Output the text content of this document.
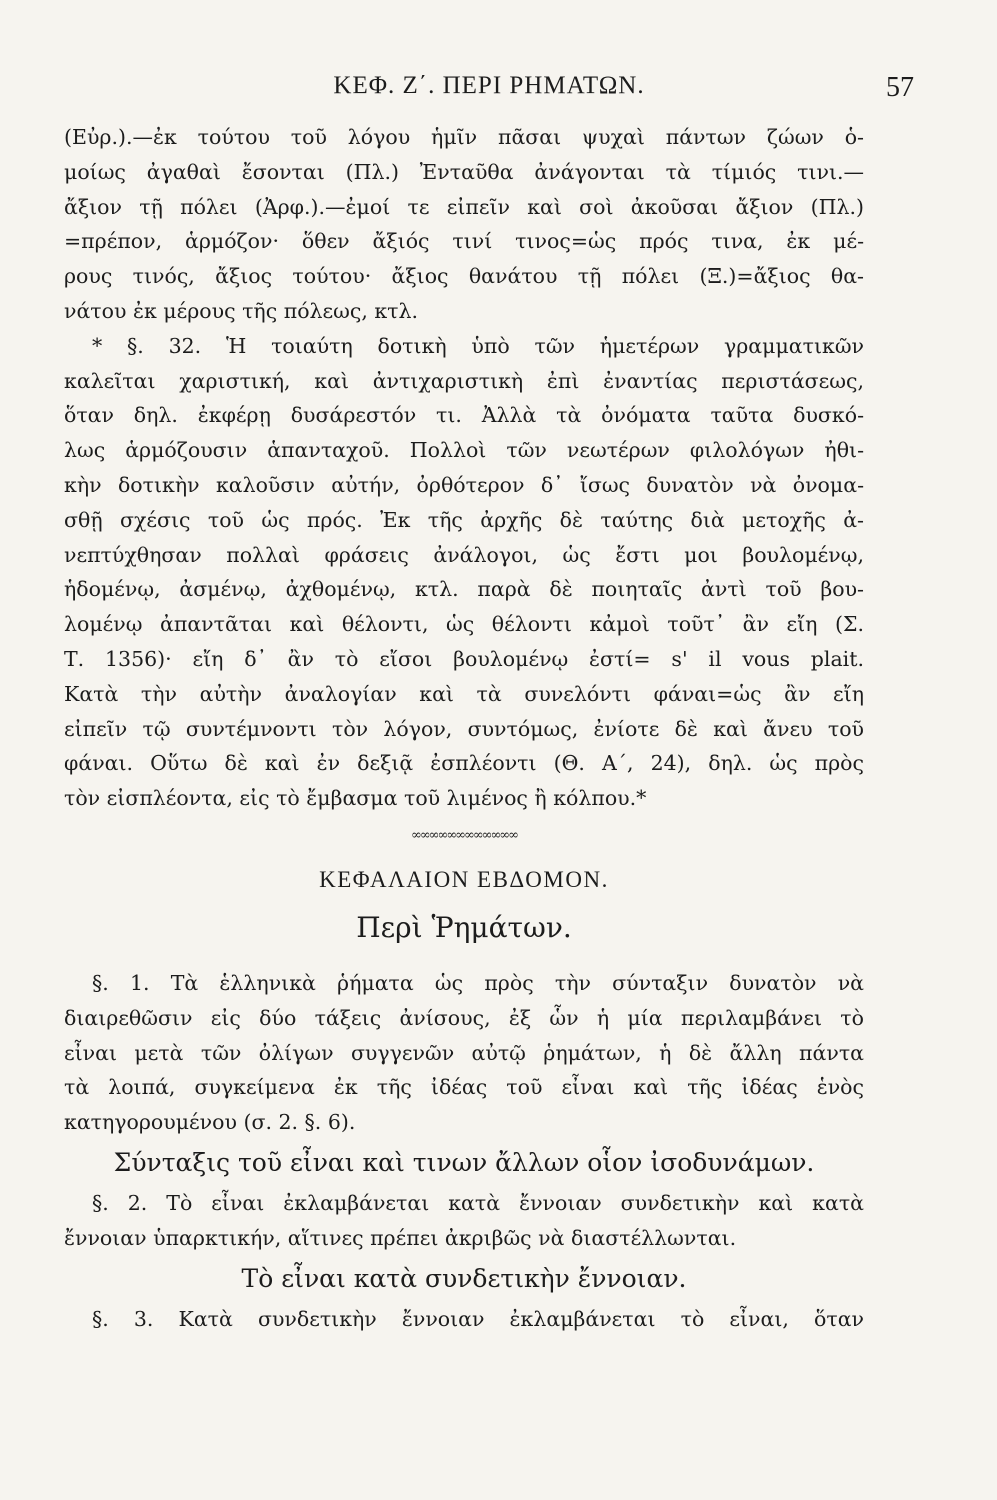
ΚΕΦ. Ζ΄. ΠΕΡΙ ΡΗΜΑΤΩΝ.	57
(Εὐρ.).—ἐκ τούτου τοῦ λόγου ἡμῖν πᾶσαι ψυχαὶ πάντων ζώων ὁ-
μοίως ἀγαθαὶ ἔσονται (Πλ.) Ἐνταῦθα ἀνάγονται τὰ τίμιός τινι.—
ἄξιον τῇ πόλει (Ἀρφ.).—ἐμοί τε εἰπεῖν καὶ σοὶ ἀκοῦσαι ἄξιον (Πλ.)
=πρέπον, ἁρμόζον· ὅθεν ἄξιός τινί τινος=ὡς πρός τινα, ἐκ μέ-
ρους τινός, ἄξιος τούτου· ἄξιος θανάτου τῇ πόλει (Ξ.)=ἄξιος θα-
νάτου ἐκ μέρους τῆς πόλεως, κτλ.
* §. 32. Ἡ τοιαύτη δοτικὴ ὑπὸ τῶν ἡμετέρων γραμματικῶν
καλεῖται χαριστική, καὶ ἀντιχαριστικὴ ἐπὶ ἐναντίας περιστάσεως,
ὅταν δηλ. ἐκφέρῃ δυσάρεστόν τι. Ἀλλὰ τὰ ὀνόματα ταῦτα δυσκό-
λως ἁρμόζουσιν ἁπανταχοῦ. Πολλοὶ τῶν νεωτέρων φιλολόγων ἠθι-
κὴν δοτικὴν καλοῦσιν αὐτήν, ὀρθότερον δ᾽ ἴσως δυνατὸν νὰ ὀνομα-
σθῇ σχέσις τοῦ ὡς πρός. Ἐκ τῆς ἀρχῆς δὲ ταύτης διὰ μετοχῆς ἀ-
νεπτύχθησαν πολλαὶ φράσεις ἀνάλογοι, ὡς ἔστι μοι βουλομένῳ,
ἡδομένῳ, ἀσμένῳ, ἀχθομένῳ, κτλ. παρὰ δὲ ποιηταῖς ἀντὶ τοῦ βου-
λομένῳ ἀπαντᾶται καὶ θέλοντι, ὡς θέλοντι κἀμοὶ τοῦτ᾽ ἂν εἴη (Σ.
Τ. 1356)· εἴη δ᾽ ἂν τὸ εἴσοι βουλομένῳ ἐστί= s' il vous plait.
Κατὰ τὴν αὐτὴν ἀναλογίαν καὶ τὰ συνελόντι φάναι=ὡς ἂν εἴη
εἰπεῖν τῷ συντέμνοντι τὸν λόγον, συντόμως, ἐνίοτε δὲ καὶ ἄνευ τοῦ
φάναι. Οὕτω δὲ καὶ ἐν δεξιᾷ ἐσπλέοντι (Θ. Α΄, 24), δηλ. ὡς πρὸς
τὸν εἰσπλέοντα, εἰς τὸ ἔμβασμα τοῦ λιμένος ἢ κόλπου.*
∞∞∞∞∞∞∞∞∞∞∞∞
ΚΕΦΑΛΑΙΟΝ ΕΒΔΟΜΟΝ.
Περὶ Ῥημάτων.
§. 1. Τὰ ἑλληνικὰ ῥήματα ὡς πρὸς τὴν σύνταξιν δυνατὸν νὰ
διαιρεθῶσιν εἰς δύο τάξεις ἀνίσους, ἐξ ὧν ἡ μία περιλαμβάνει τὸ
εἶναι μετὰ τῶν ὀλίγων συγγενῶν αὐτῷ ῥημάτων, ἡ δὲ ἄλλη πάντα
τὰ λοιπά, συγκείμενα ἐκ τῆς ἰδέας τοῦ εἶναι καὶ τῆς ἰδέας ἑνὸς
κατηγορουμένου (σ. 2. §. 6).
Σύνταξις τοῦ εἶναι καὶ τινων ἄλλων οἷον ἰσοδυνάμων.
§. 2. Τὸ εἶναι ἐκλαμβάνεται κατὰ ἔννοιαν συνδετικὴν καὶ κατὰ
ἔννοιαν ὑπαρκτικήν, αἵτινες πρέπει ἀκριβῶς νὰ διαστέλλωνται.
Τὸ εἶναι κατὰ συνδετικὴν ἔννοιαν.
§. 3. Κατὰ συνδετικὴν ἔννοιαν ἐκλαμβάνεται τὸ εἶναι, ὅταν
